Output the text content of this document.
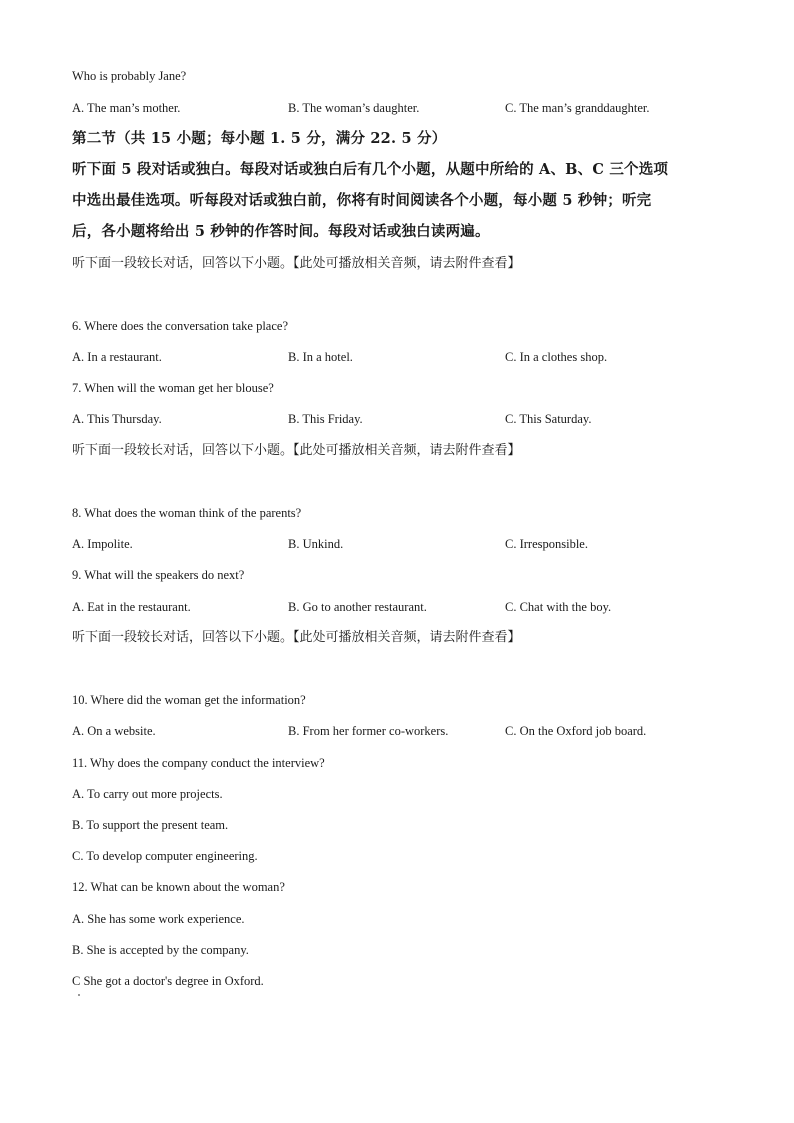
Who is probably Jane?
A. The man’s mother.	B. The woman’s daughter.	C. The man’s granddaughter.
第二节（共 15 小题；每小题 1. 5 分，满分 22. 5 分）
听下面 5 段对话或独白。每段对话或独白后有几个小题，从题中所给的 A、B、C 三个选项
中选出最佳选项。听每段对话或独白前，你将有时间阅读各个小题，每小题 5 秒钟；听完
后，各小题将给出 5 秒钟的作答时间。每段对话或独白读两遍。
听下面一段较长对话，回答以下小题。【此处可播放相关音频，请去附件查看】
6. Where does the conversation take place?
A. In a restaurant.	B. In a hotel.	C. In a clothes shop.
7. When will the woman get her blouse?
A. This Thursday.	B. This Friday.	C. This Saturday.
听下面一段较长对话，回答以下小题。【此处可播放相关音频，请去附件查看】
8. What does the woman think of the parents?
A. Impolite.	B. Unkind.	C. Irresponsible.
9. What will the speakers do next?
A. Eat in the restaurant.	B. Go to another restaurant.	C. Chat with the boy.
听下面一段较长对话，回答以下小题。【此处可播放相关音频，请去附件查看】
10. Where did the woman get the information?
A. On a website.	B. From her former co-workers.	C. On the Oxford job board.
11. Why does the company conduct the interview?
A. To carry out more projects.
B. To support the present team.
C. To develop computer engineering.
12. What can be known about the woman?
A. She has some work experience.
B. She is accepted by the company.
C She got a doctor's degree in Oxford.
